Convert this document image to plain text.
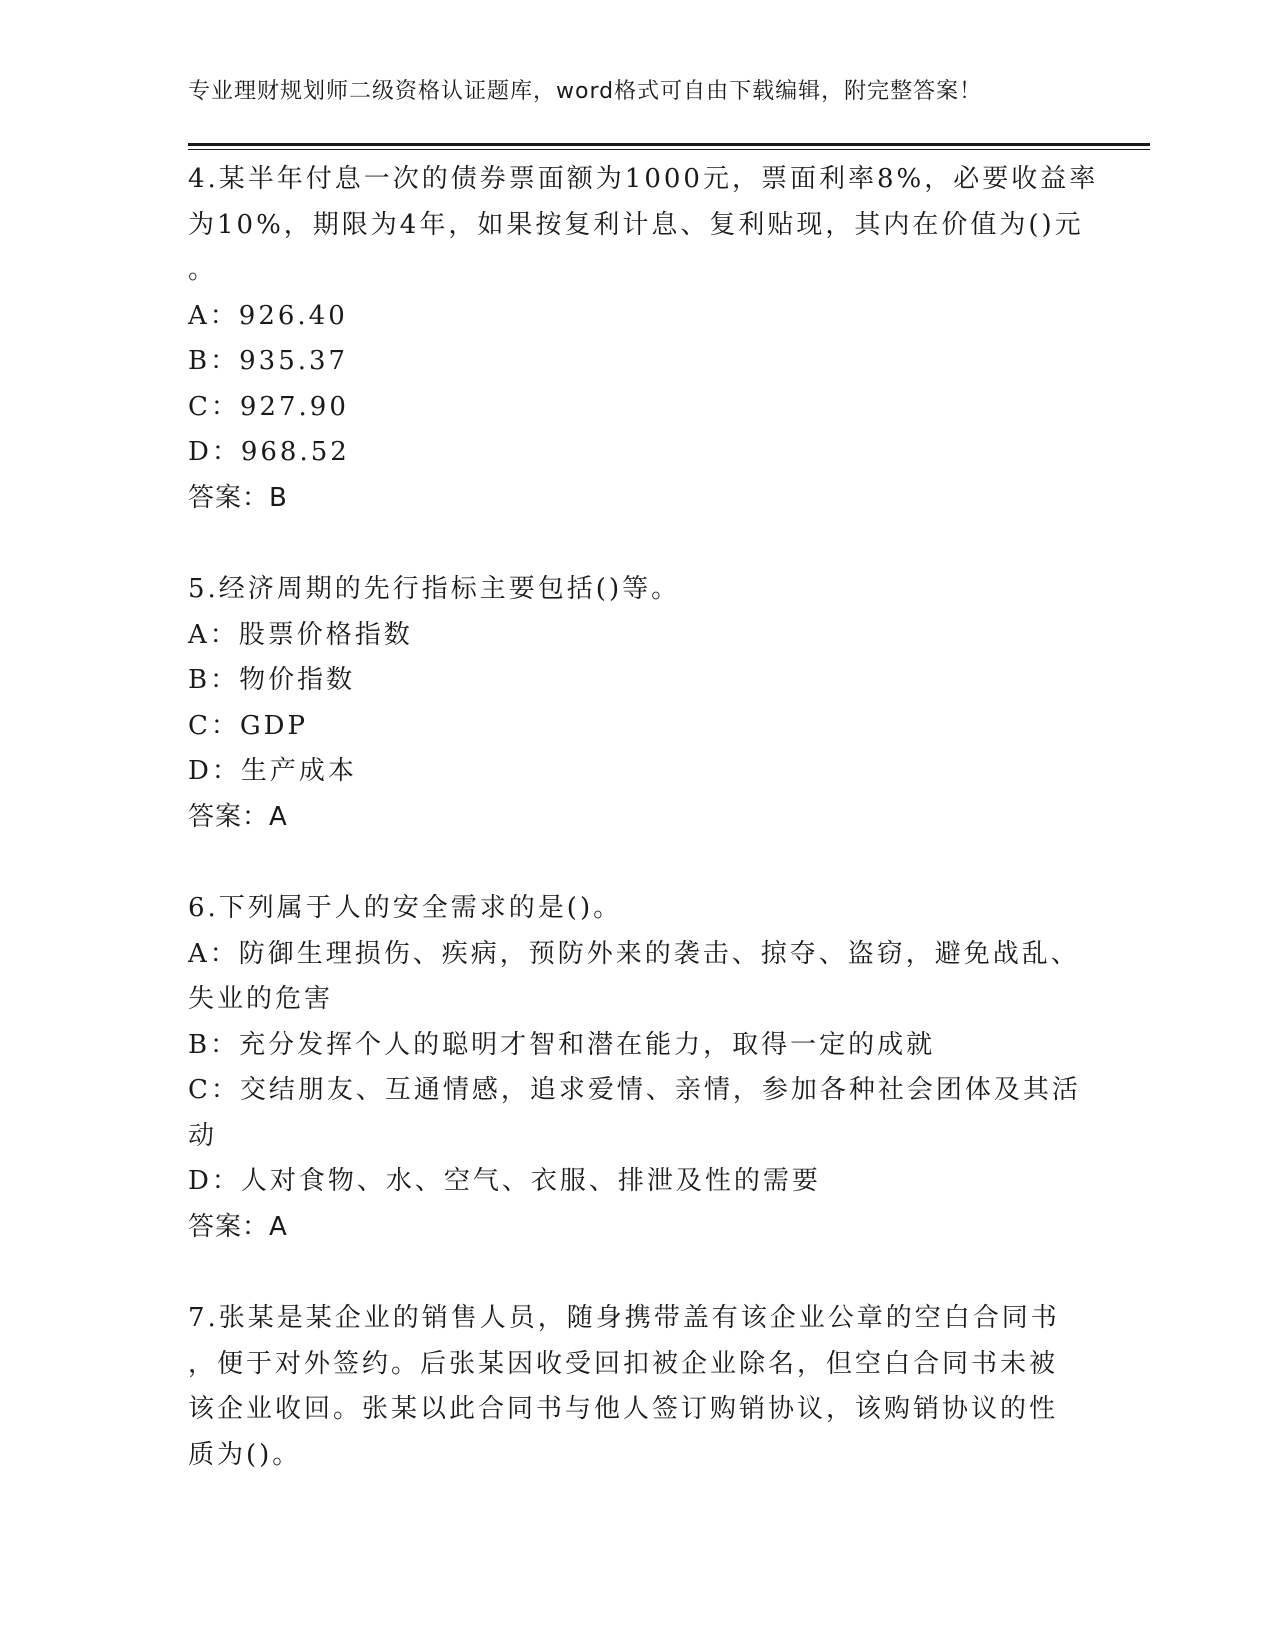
专业理财规划师二级资格认证题库，word格式可自由下载编辑，附完整答案！
4.某半年付息一次的债券票面额为1000元，票面利率8%，必要收益率
为10%，期限为4年，如果按复利计息、复利贴现，其内在价值为()元
。
A：926.40
B：935.37
C：927.90
D：968.52
答案：B
5.经济周期的先行指标主要包括()等。
A：股票价格指数
B：物价指数
C：GDP
D：生产成本
答案：A
6.下列属于人的安全需求的是()。
A：防御生理损伤、疾病，预防外来的袭击、掠夺、盗窃，避免战乱、
失业的危害
B：充分发挥个人的聪明才智和潜在能力，取得一定的成就
C：交结朋友、互通情感，追求爱情、亲情，参加各种社会团体及其活
动
D：人对食物、水、空气、衣服、排泄及性的需要
答案：A
7.张某是某企业的销售人员，随身携带盖有该企业公章的空白合同书
，便于对外签约。后张某因收受回扣被企业除名，但空白合同书未被
该企业收回。张某以此合同书与他人签订购销协议，该购销协议的性
质为()。
